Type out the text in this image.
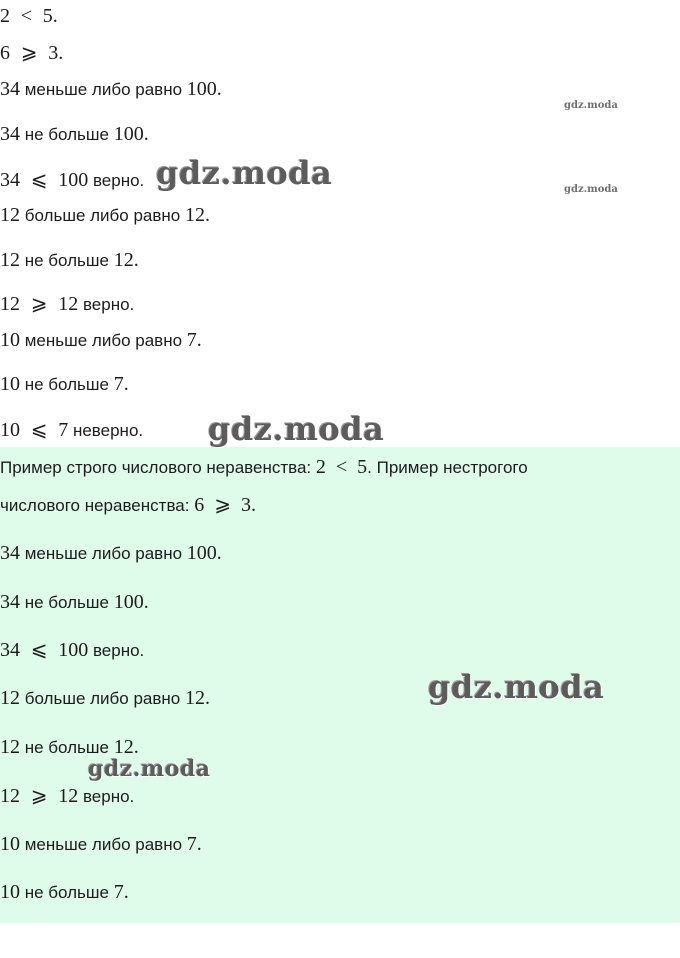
2 < 5.
6 ⩾ 3.
34 меньше либо равно 100.
34 не больше 100.
34 ⩽ 100 верно.
12 больше либо равно 12.
12 не больше 12.
12 ⩾ 12 верно.
10 меньше либо равно 7.
10 не больше 7.
10 ⩽ 7 неверно.
Пример строго числового неравенства: 2 < 5. Пример нестрогого
числового неравенства: 6 ⩾ 3.
34 меньше либо равно 100.
34 не больше 100.
34 ⩽ 100 верно.
12 больше либо равно 12.
12 не больше 12.
12 ⩾ 12 верно.
10 меньше либо равно 7.
10 не больше 7.
gdz.moda
gdz.moda
gdz.moda
gdz.moda
gdz.moda
gdz.moda
